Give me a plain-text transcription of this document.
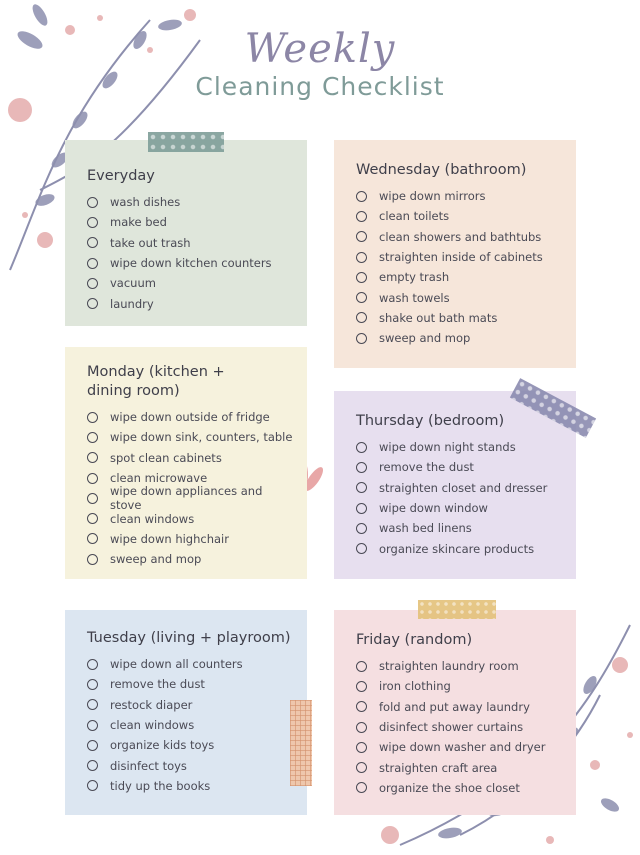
Weekly
Cleaning Checklist
Everyday
wash dishes
make bed
take out trash
wipe down kitchen counters
vacuum
laundry
Monday (kitchen + dining room)
wipe down outside of fridge
wipe down sink, counters, table
spot clean cabinets
clean microwave
wipe down appliances and stove
clean windows
wipe down highchair
sweep and mop
Tuesday (living + playroom)
wipe down all counters
remove the dust
restock diaper
clean windows
organize kids toys
disinfect toys
tidy up the books
Wednesday (bathroom)
wipe down mirrors
clean toilets
clean showers and bathtubs
straighten inside of cabinets
empty trash
wash towels
shake out bath mats
sweep and mop
Thursday (bedroom)
wipe down night stands
remove the dust
straighten closet and dresser
wipe down window
wash bed linens
organize skincare products
Friday (random)
straighten laundry room
iron clothing
fold and put away laundry
disinfect shower curtains
wipe down washer and dryer
straighten craft area
organize the shoe closet
